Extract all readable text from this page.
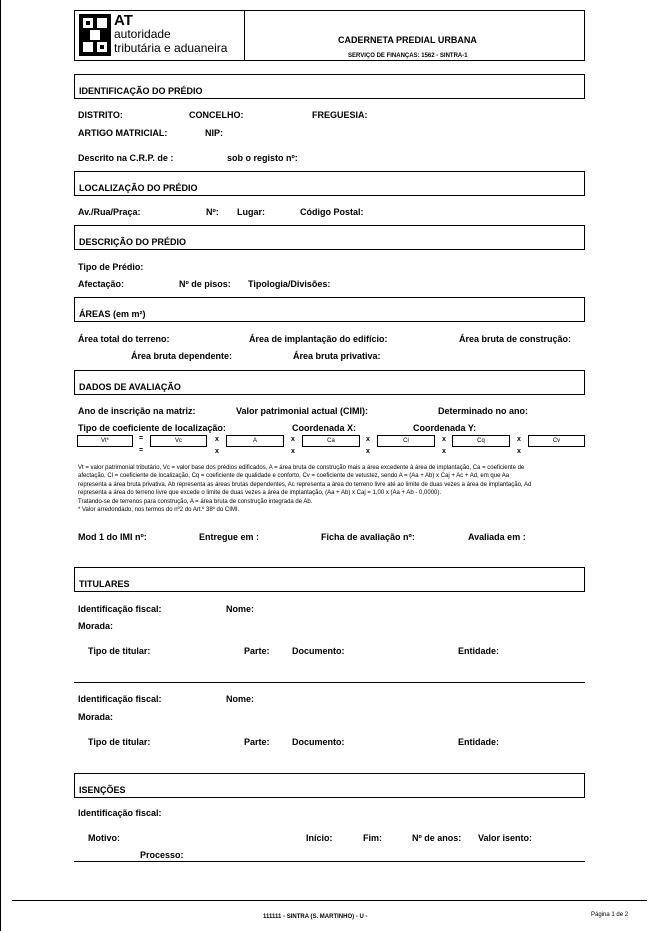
AT
autoridade
tributária e aduaneira
CADERNETA PREDIAL URBANA
SERVIÇO DE FINANÇAS: 1562 - SINTRA-1
IDENTIFICAÇÃO DO PRÉDIO
DISTRITO:	CONCELHO:	FREGUESIA:
ARTIGO MATRICIAL:	NIP:
Descrito na C.R.P. de :	sob o registo nº:
LOCALIZAÇÃO DO PRÉDIO
Av./Rua/Praça:	Nº: Lugar:	Código Postal:
DESCRIÇÃO DO PRÉDIO
Tipo de Prédio:
Afectação:	Nº de pisos: Tipologia/Divisões:
ÁREAS (em m²)
Área total do terreno:	Área de implantação do edifício:	Área bruta de construção:
Área bruta dependente:	Área bruta privativa:
DADOS DE AVALIAÇÃO
Ano de inscrição na matriz:	Valor patrimonial actual (CIMI):	Determinado no ano:
Tipo de coeficiente de localização:	Coordenada X:	Coordenada Y:
Vt*	=	Vc	x	A	x	Ca	x	Cl	x	Cq	x	Cv
=	x	x	x	x	x
Vt = valor patrimonial tributário, Vc = valor base dos prédios edificados, A = área bruta de construção mais a área excedente à área de implantação, Ca = coeficiente de
afectação, Cl = coeficiente de localização, Cq = coeficiente de qualidade e conforto, Cv = coeficiente de vetustez, sendo A = (Aa + Ab) x Caj + Ac + Ad, em que Aa
representa a área bruta privativa, Ab representa as áreas brutas dependentes, Ac representa a área do terreno livre até ao limite de duas vezes a área de implantação, Ad
representa a área do terreno livre que excede o limite de duas vezes a área de implantação, (Aa + Ab) x Caj = 1,00 x (Aa + Ab - 0,0000).
Tratando-se de terrenos para construção, A = área bruta de construção integrada de Ab.
* Valor arredondado, nos termos do nº2 do Art.º 38º do CIMI.
Mod 1 do IMI nº:	Entregue em :	Ficha de avaliação nº:	Avaliada em :
TITULARES
Identificação fiscal:	Nome:
Morada:
Tipo de titular:	Parte: Documento:	Entidade:
Identificação fiscal:	Nome:
Morada:
Tipo de titular:	Parte: Documento:	Entidade:
ISENÇÕES
Identificação fiscal:
Motivo:	Início:	Fim:	Nº de anos: Valor isento:
Processo:
111111 - SINTRA (S. MARTINHO) - U -	Página 1 de 2
